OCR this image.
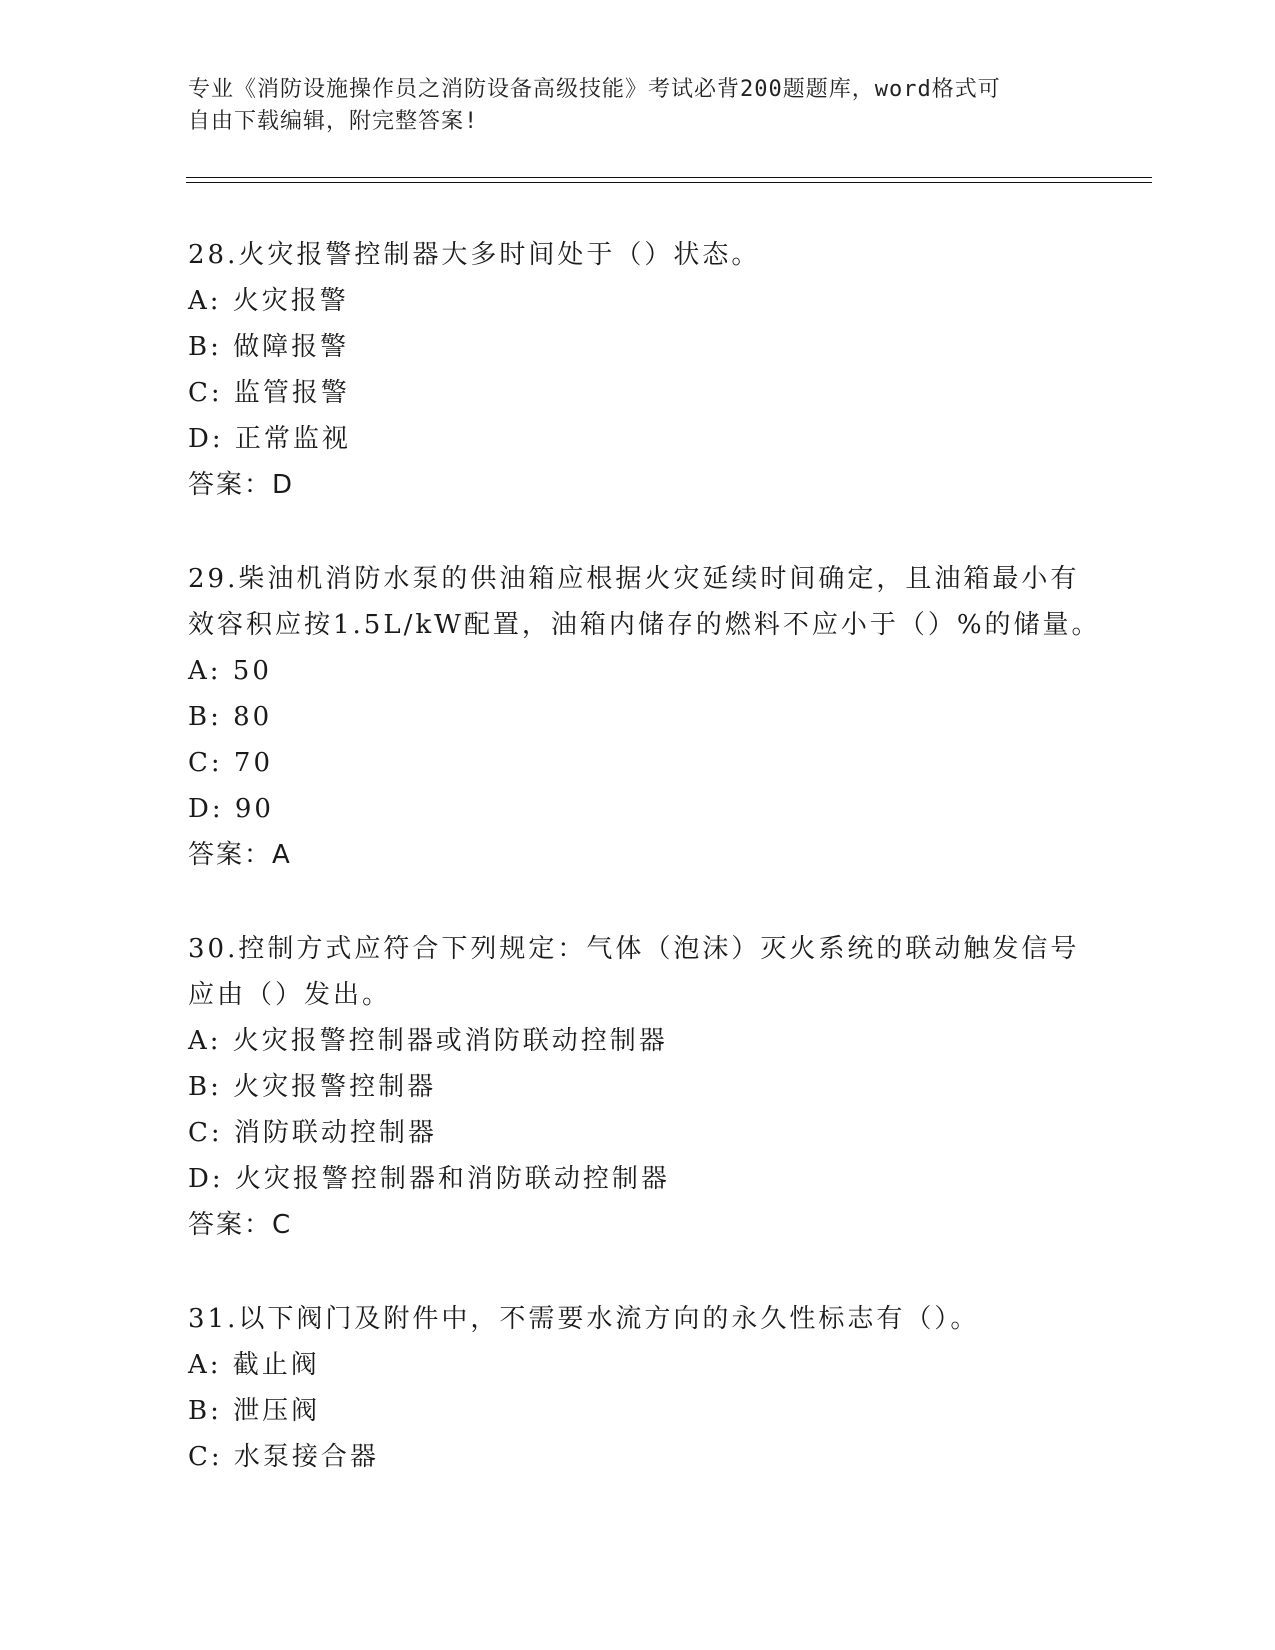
专业《消防设施操作员之消防设备高级技能》考试必背200题题库，word格式可
自由下载编辑，附完整答案!
28.火灾报警控制器大多时间处于（）状态。
A: 火灾报警
B: 做障报警
C: 监管报警
D: 正常监视
答案：D
29.柴油机消防水泵的供油箱应根据火灾延续时间确定，且油箱最小有
效容积应按1.5L/kW配置，油箱内储存的燃料不应小于（）%的储量。
A: 50
B: 80
C: 70
D: 90
答案：A
30.控制方式应符合下列规定：气体（泡沫）灭火系统的联动触发信号
应由（）发出。
A: 火灾报警控制器或消防联动控制器
B: 火灾报警控制器
C: 消防联动控制器
D: 火灾报警控制器和消防联动控制器
答案：C
31.以下阀门及附件中，不需要水流方向的永久性标志有（）。
A: 截止阀
B: 泄压阀
C: 水泵接合器
